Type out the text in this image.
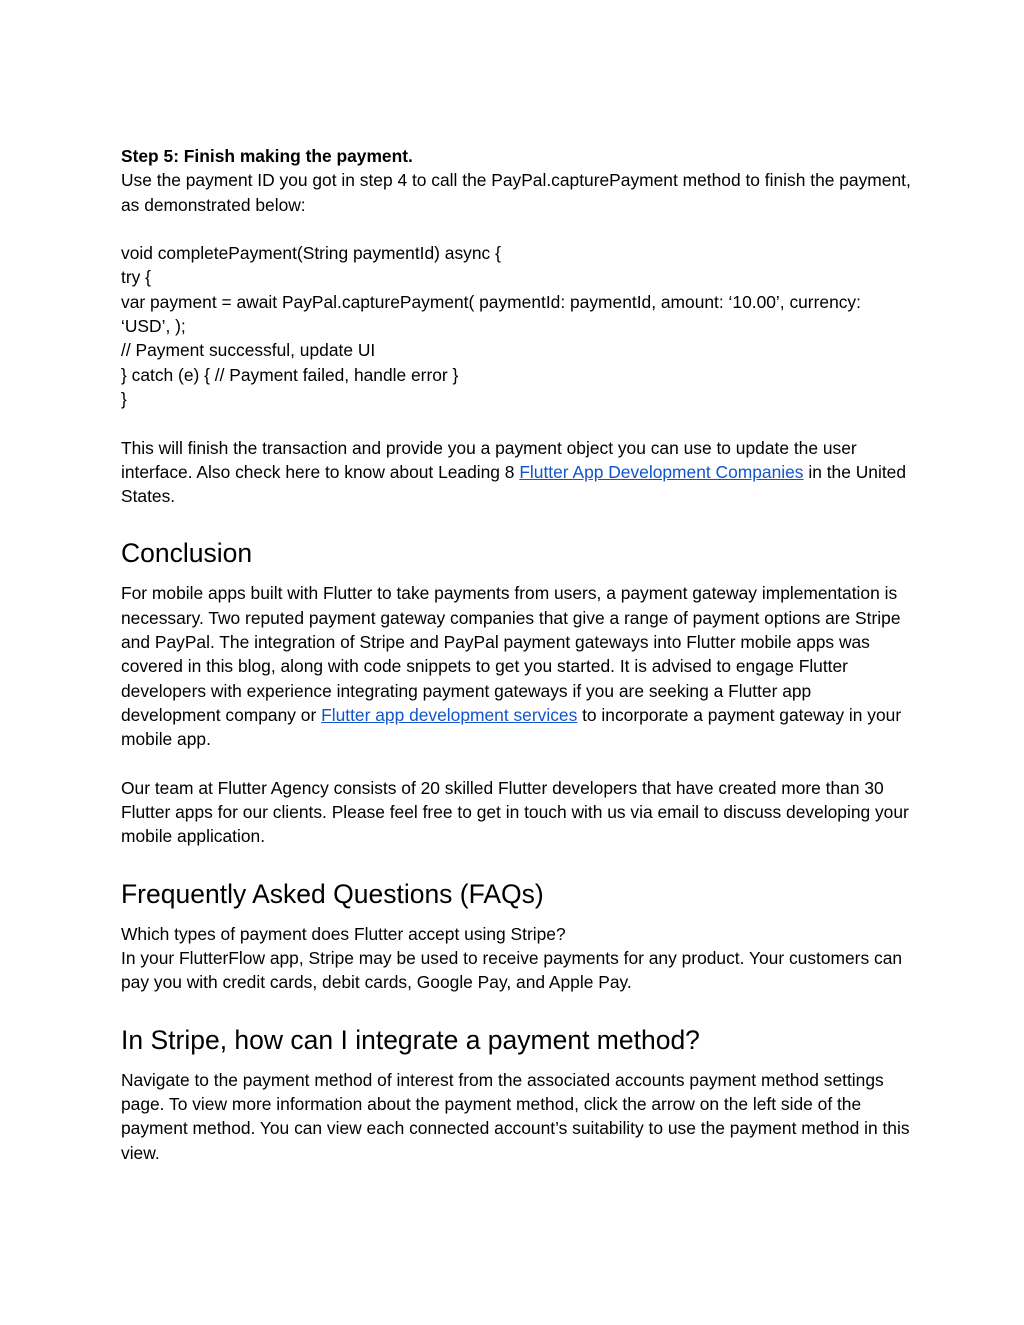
Step 5: Finish making the payment.

Use the payment ID you got in step 4 to call the PayPal.capturePayment method to finish the payment, as demonstrated below:

void completePayment(String paymentId) async {

try {

var payment = await PayPal.capturePayment( paymentId: paymentId, amount: ‘10.00’, currency: ‘USD’, );

// Payment successful, update UI

} catch (e) { // Payment failed, handle error }

}

This will finish the transaction and provide you a payment object you can use to update the user interface. Also check here to know about Leading 8 Flutter App Development Companies in the United States.

Conclusion

For mobile apps built with Flutter to take payments from users, a payment gateway implementation is necessary. Two reputed payment gateway companies that give a range of payment options are Stripe and PayPal. The integration of Stripe and PayPal payment gateways into Flutter mobile apps was covered in this blog, along with code snippets to get you started. It is advised to engage Flutter developers with experience integrating payment gateways if you are seeking a Flutter app development company or Flutter app development services to incorporate a payment gateway in your mobile app.

Our team at Flutter Agency consists of 20 skilled Flutter developers that have created more than 30 Flutter apps for our clients. Please feel free to get in touch with us via email to discuss developing your mobile application.

Frequently Asked Questions (FAQs)

Which types of payment does Flutter accept using Stripe?

In your FlutterFlow app, Stripe may be used to receive payments for any product. Your customers can pay you with credit cards, debit cards, Google Pay, and Apple Pay.

In Stripe, how can I integrate a payment method?

Navigate to the payment method of interest from the associated accounts payment method settings page. To view more information about the payment method, click the arrow on the left side of the payment method. You can view each connected account’s suitability to use the payment method in this view.
